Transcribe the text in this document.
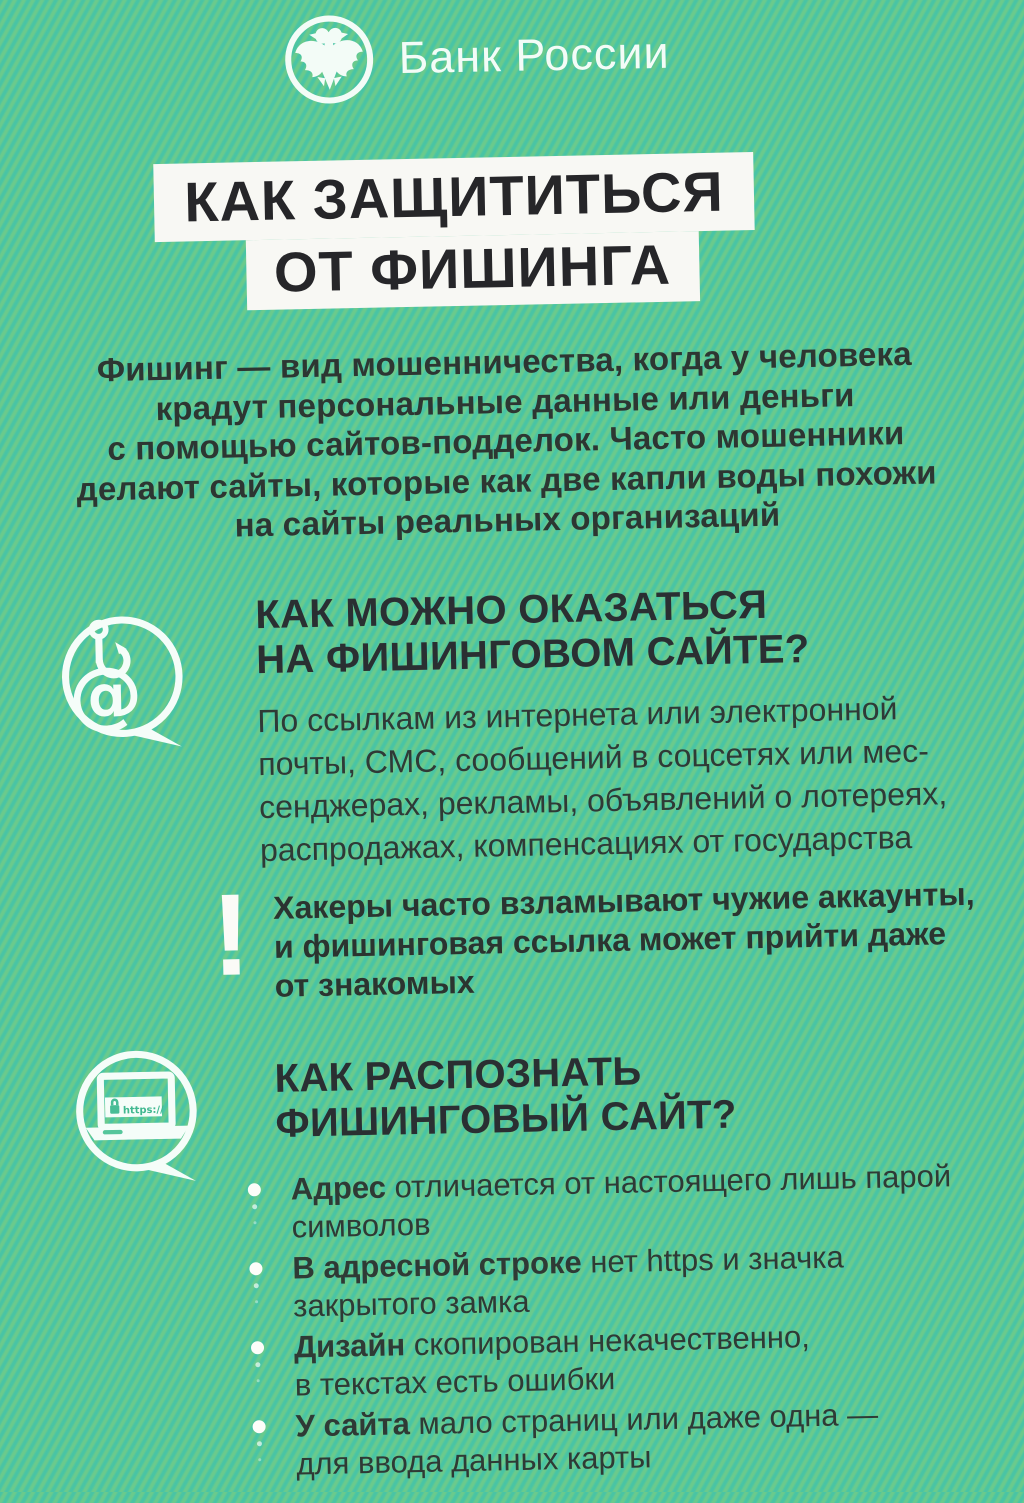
Банк России
КАК ЗАЩИТИТЬСЯ
ОТ ФИШИНГА
Фишинг — вид мошенничества, когда у человека
крадут персональные данные или деньги
с помощью сайтов-подделок. Часто мошенники
делают сайты, которые как две капли воды похожи
на сайты реальных организаций
@
КАК МОЖНО ОКАЗАТЬСЯ
НА ФИШИНГОВОМ САЙТЕ?
По ссылкам из интернета или электронной
почты, СМС, сообщений в соцсетях или мес-
сенджерах, рекламы, объявлений о лотереях,
распродажах, компенсациях от государства
! Хакеры часто взламывают чужие аккаунты,
и фишинговая ссылка может прийти даже
от знакомых
https://
КАК РАСПОЗНАТЬ
ФИШИНГОВЫЙ САЙТ?
Адрес отличается от настоящего лишь парой
символов
В адресной строке нет https и значка
закрытого замка
Дизайн скопирован некачественно,
в текстах есть ошибки
У сайта мало страниц или даже одна —
для ввода данных карты
